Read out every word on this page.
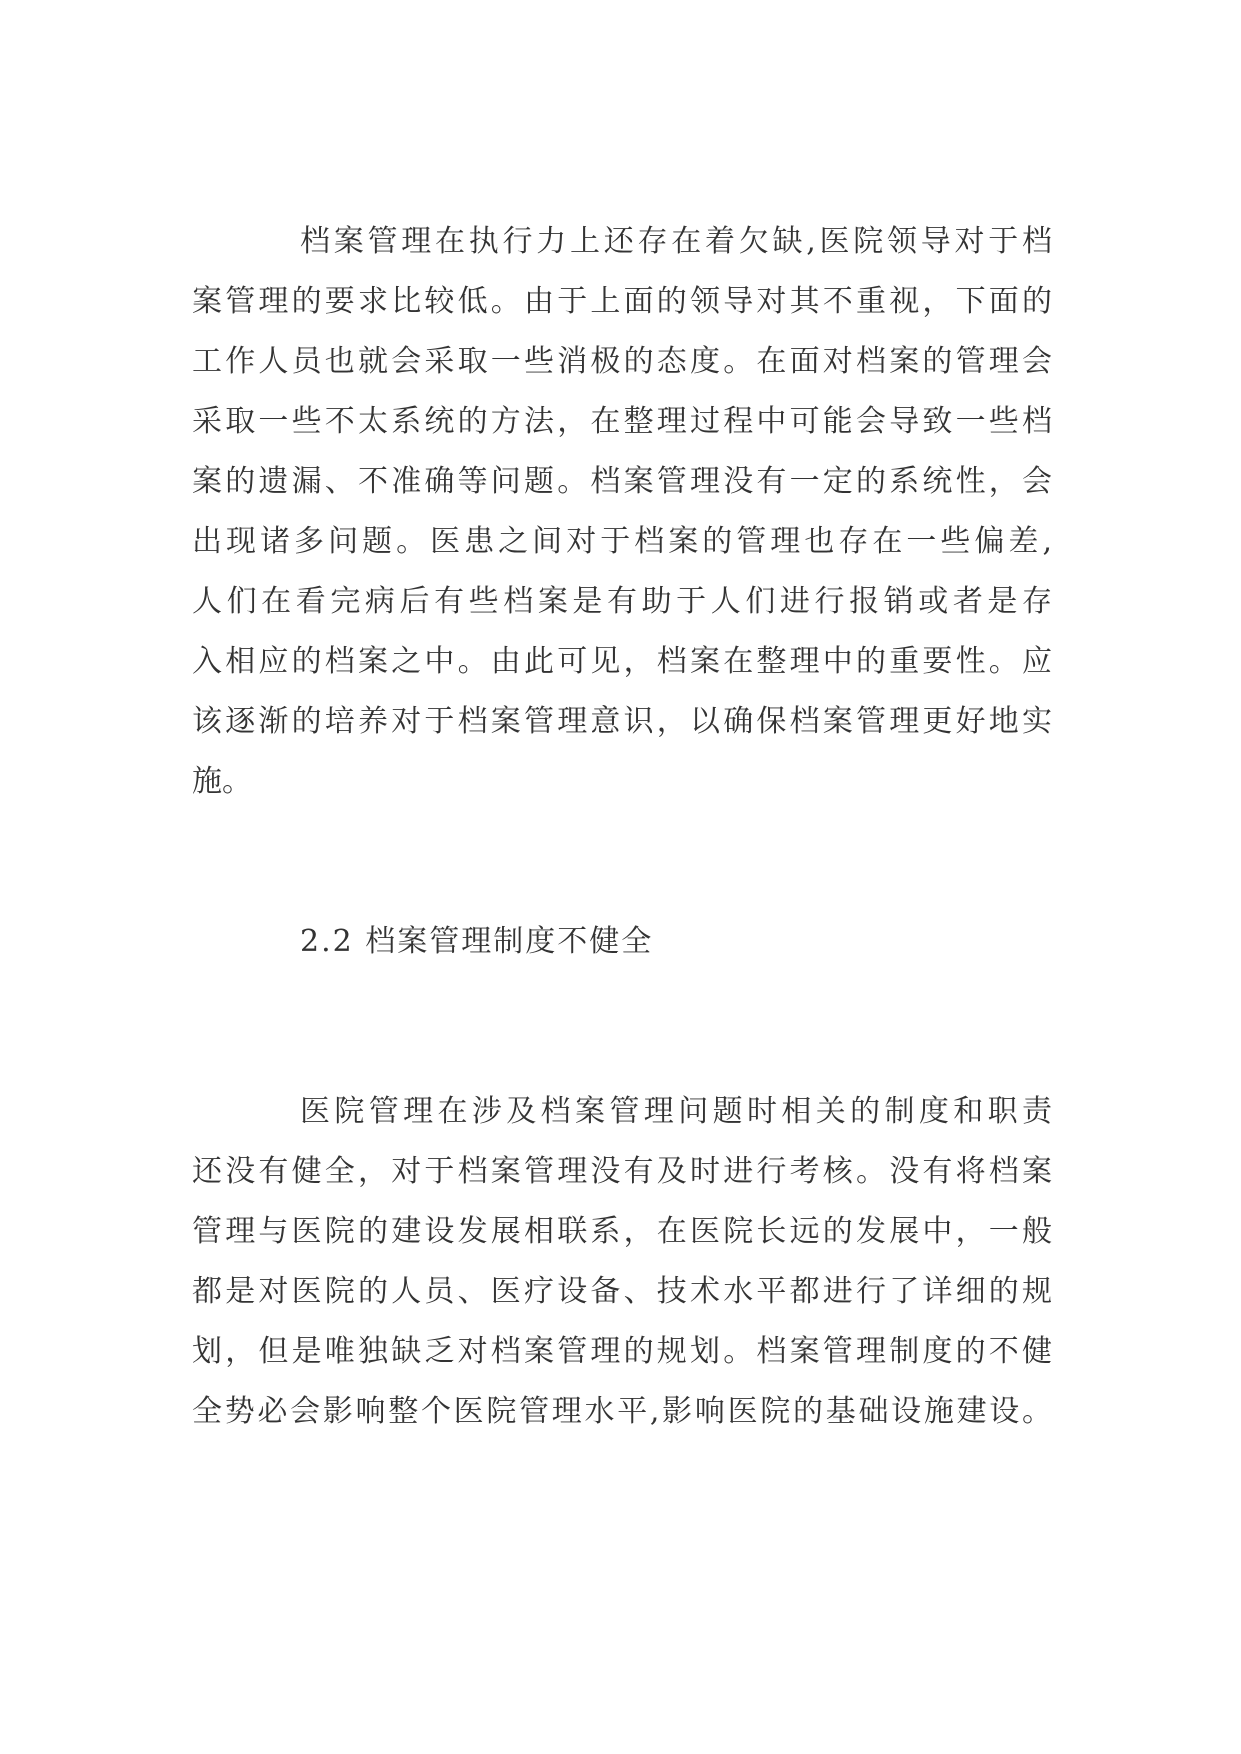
档案管理在执行力上还存在着欠缺,医院领导对于档
案管理的要求比较低。由于上面的领导对其不重视，下面的
工作人员也就会采取一些消极的态度。在面对档案的管理会
采取一些不太系统的方法，在整理过程中可能会导致一些档
案的遗漏、不准确等问题。档案管理没有一定的系统性，会
出现诸多问题。医患之间对于档案的管理也存在一些偏差,
人们在看完病后有些档案是有助于人们进行报销或者是存
入相应的档案之中。由此可见，档案在整理中的重要性。应
该逐渐的培养对于档案管理意识，以确保档案管理更好地实
施。
2.2 档案管理制度不健全
医院管理在涉及档案管理问题时相关的制度和职责
还没有健全，对于档案管理没有及时进行考核。没有将档案
管理与医院的建设发展相联系，在医院长远的发展中，一般
都是对医院的人员、医疗设备、技术水平都进行了详细的规
划，但是唯独缺乏对档案管理的规划。档案管理制度的不健
全势必会影响整个医院管理水平,影响医院的基础设施建设。
